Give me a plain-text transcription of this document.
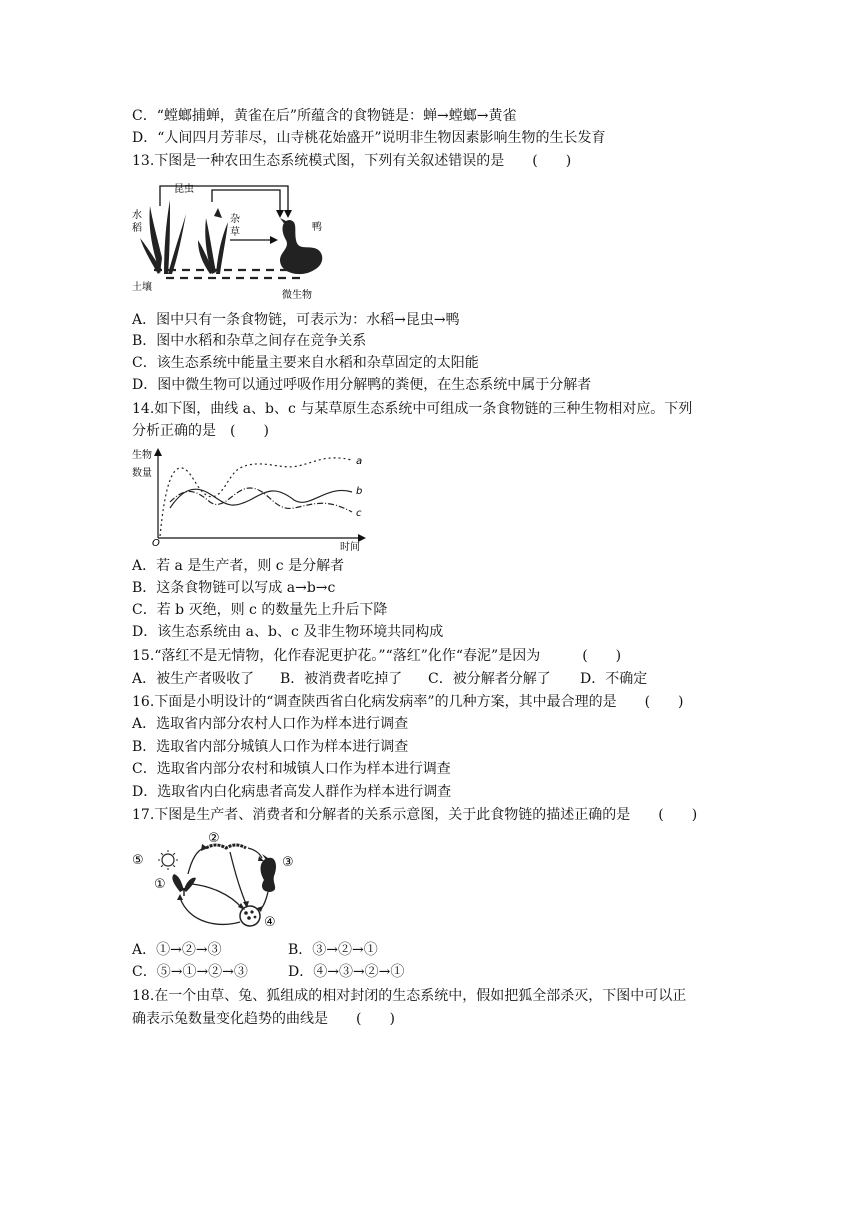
C．“螳螂捕蝉，黄雀在后”所蕴含的食物链是：蝉→螳螂→黄雀
D．“人间四月芳菲尽，山寺桃花始盛开”说明非生物因素影响生物的生长发育
13.下图是一种农田生态系统模式图，下列有关叙述错误的是　　(　　)
昆虫
水
稻
杂
草	鸭
土壤
微生物
A．图中只有一条食物链，可表示为：水稻→昆虫→鸭
B．图中水稻和杂草之间存在竞争关系
C．该生态系统中能量主要来自水稻和杂草固定的太阳能
D．图中微生物可以通过呼吸作用分解鸭的粪便，在生态系统中属于分解者
14.如下图，曲线 a、b、c 与某草原生态系统中可组成一条食物链的三种生物相对应。下列
分析正确的是　(　　)
生物
数量
O	时间
a
b
c
A．若 a 是生产者，则 c 是分解者
B．这条食物链可以写成 a→b→c
C．若 b 灭绝，则 c 的数量先上升后下降
D．该生态系统由 a、b、c 及非生物环境共同构成
15.“落红不是无情物，化作春泥更护花。”“落红”化作“春泥”是因为　　　(　　)
A．被生产者吸收了 B．被消费者吃掉了 C．被分解者分解了 D．不确定
16.下面是小明设计的“调查陕西省白化病发病率”的几种方案，其中最合理的是　　(　　)
A．选取省内部分农村人口作为样本进行调查
B．选取省内部分城镇人口作为样本进行调查
C．选取省内部分农村和城镇人口作为样本进行调查
D．选取省内白化病患者高发人群作为样本进行调查
17.下图是生产者、消费者和分解者的关系示意图，关于此食物链的描述正确的是　　(　　)
⑤
①
②
③
④
A．①→②→③	B．③→②→①
C．⑤→①→②→③	D．④→③→②→①
18.在一个由草、兔、狐组成的相对封闭的生态系统中，假如把狐全部杀灭，下图中可以正
确表示兔数量变化趋势的曲线是　　(　　)
